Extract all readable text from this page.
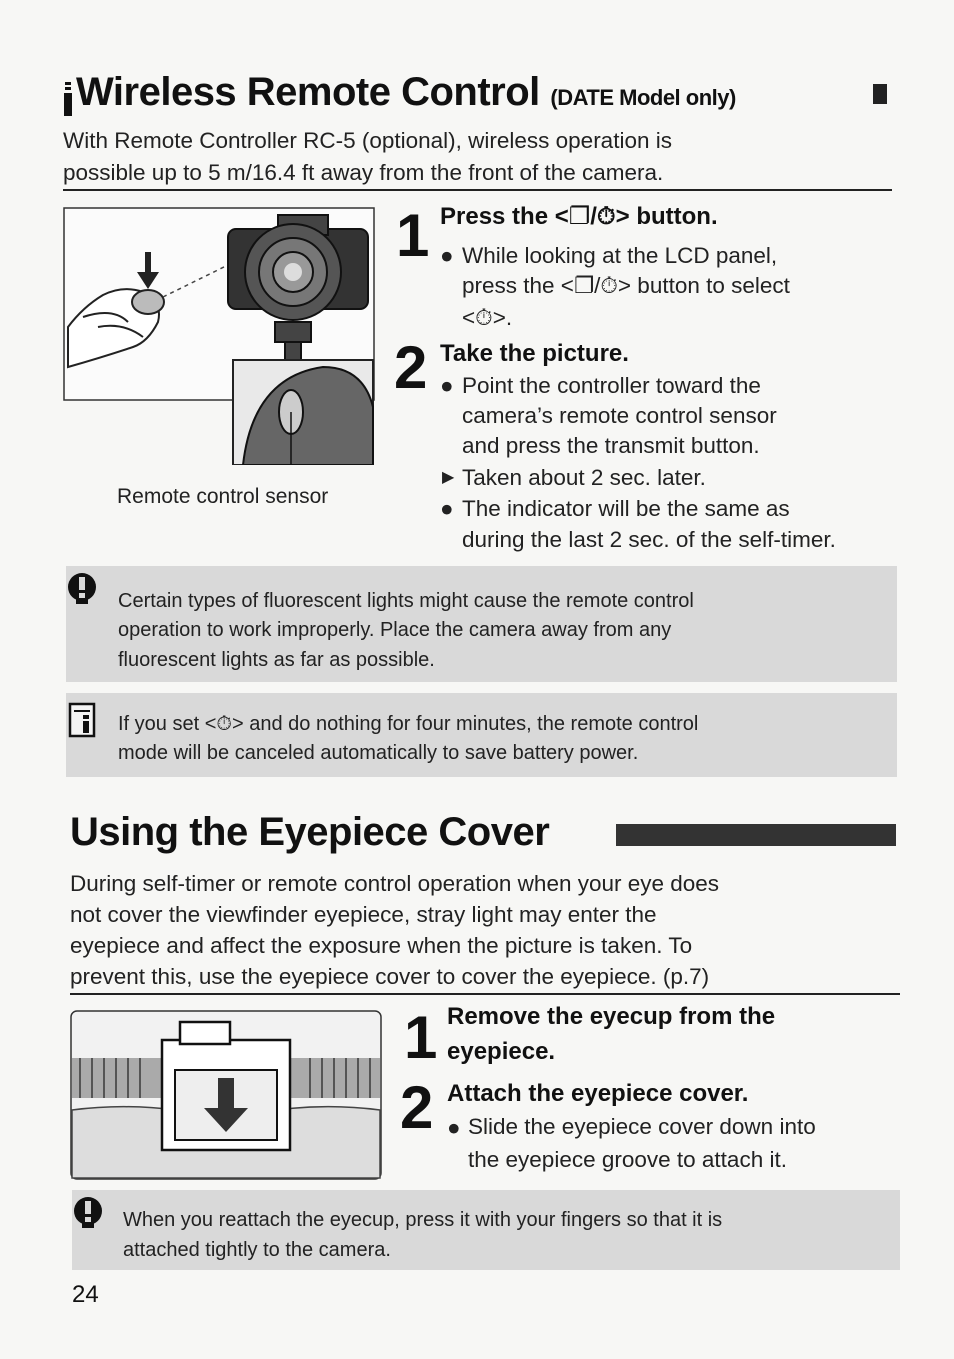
Wireless Remote Control (DATE Model only)
With Remote Controller RC-5 (optional), wireless operation is
possible up to 5 m/16.4 ft away from the front of the camera.
Remote control sensor
1 Press the <❐/⏱> button.
● While looking at the LCD panel,
press the <❐/⏱> button to select
<⏱>.
2 Take the picture.
● Point the controller toward the
camera’s remote control sensor
and press the transmit button.
▶ Taken about 2 sec. later.
● The indicator will be the same as
during the last 2 sec. of the self-timer.
Certain types of fluorescent lights might cause the remote control
operation to work improperly. Place the camera away from any
fluorescent lights as far as possible.
If you set <⏱> and do nothing for four minutes, the remote control
mode will be canceled automatically to save battery power.
Using the Eyepiece Cover
During self-timer or remote control operation when your eye does
not cover the viewfinder eyepiece, stray light may enter the
eyepiece and affect the exposure when the picture is taken. To
prevent this, use the eyepiece cover to cover the eyepiece. (p.7)
1 Remove the eyecup from the
eyepiece.
2 Attach the eyepiece cover.
● Slide the eyepiece cover down into
the eyepiece groove to attach it.
When you reattach the eyecup, press it with your fingers so that it is
attached tightly to the camera.
24
